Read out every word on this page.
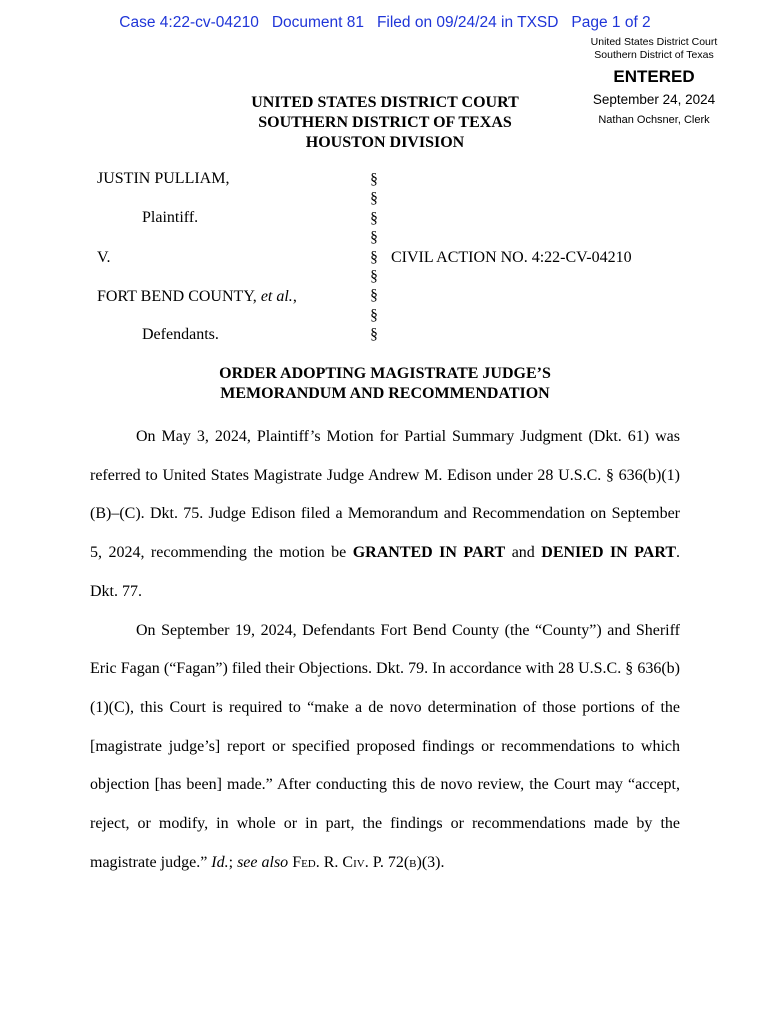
Case 4:22-cv-04210 Document 81 Filed on 09/24/24 in TXSD Page 1 of 2
United States District Court
Southern District of Texas
ENTERED
September 24, 2024
Nathan Ochsner, Clerk
UNITED STATES DISTRICT COURT
SOUTHERN DISTRICT OF TEXAS
HOUSTON DIVISION
JUSTIN PULLIAM,
Plaintiff.
V.
FORT BEND COUNTY, et al.,
Defendants.
§
§
§
§
§
§
§
§
§
CIVIL ACTION NO. 4:22-CV-04210
ORDER ADOPTING MAGISTRATE JUDGE’S
MEMORANDUM AND RECOMMENDATION

On May 3, 2024, Plaintiff’s Motion for Partial Summary Judgment (Dkt. 61) was referred to United States Magistrate Judge Andrew M. Edison under 28 U.S.C. § 636(b)(1)(B)–(C). Dkt. 75. Judge Edison filed a Memorandum and Recommendation on September 5, 2024, recommending the motion be GRANTED IN PART and DENIED IN PART. Dkt. 77.

On September 19, 2024, Defendants Fort Bend County (the “County”) and Sheriff Eric Fagan (“Fagan”) filed their Objections. Dkt. 79. In accordance with 28 U.S.C. § 636(b)(1)(C), this Court is required to “make a de novo determination of those portions of the [magistrate judge’s] report or specified proposed findings or recommendations to which objection [has been] made.” After conducting this de novo review, the Court may “accept, reject, or modify, in whole or in part, the findings or recommendations made by the magistrate judge.” Id.; see also Fed. R. Civ. P. 72(b)(3).
